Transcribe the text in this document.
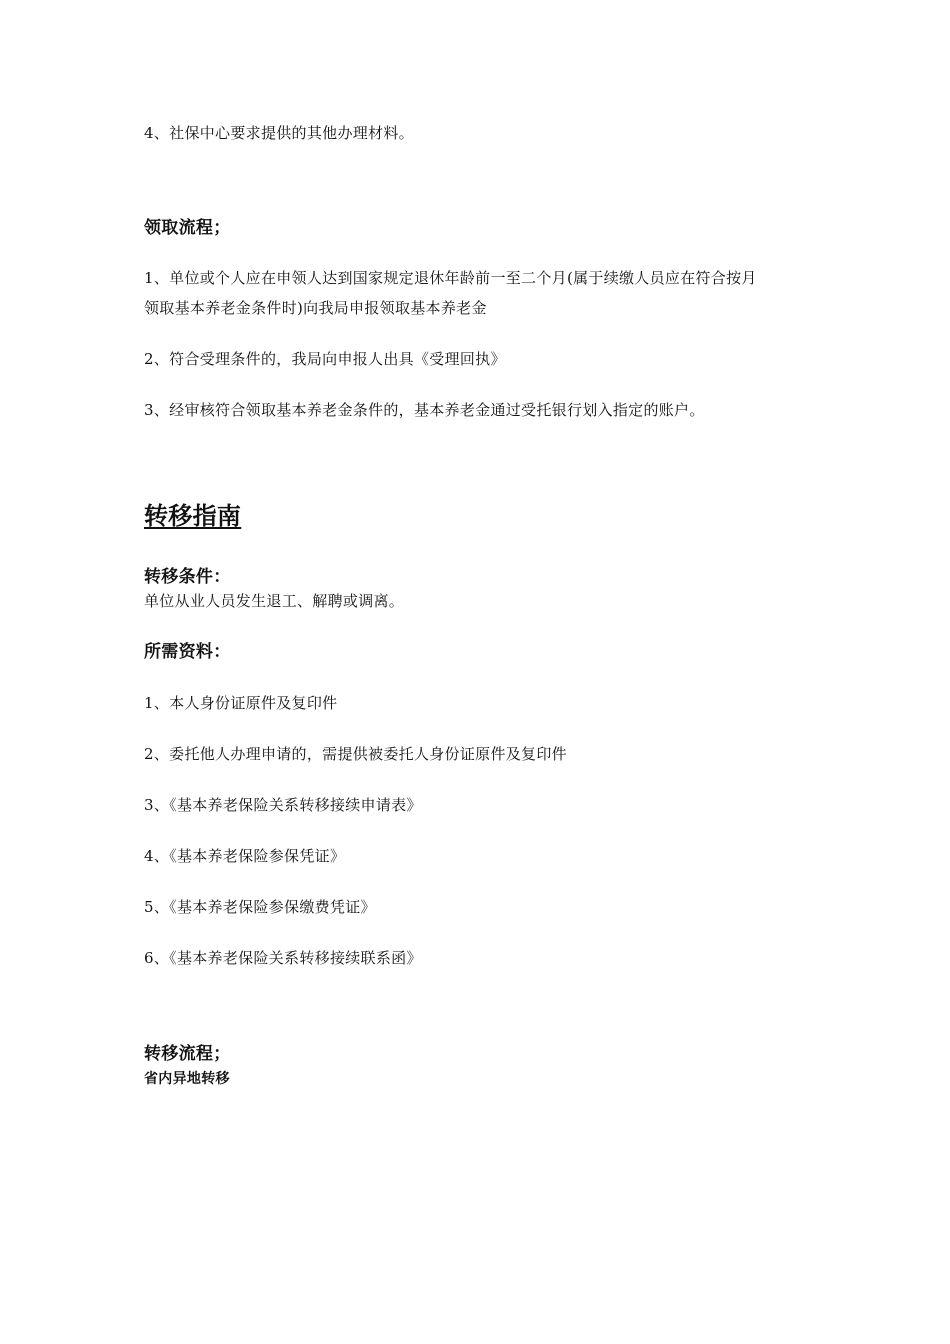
4、社保中心要求提供的其他办理材料。
领取流程；
1、单位或个人应在申领人达到国家规定退休年龄前一至二个月(属于续缴人员应在符合按月
领取基本养老金条件时)向我局申报领取基本养老金
2、符合受理条件的，我局向申报人出具《受理回执》
3、经审核符合领取基本养老金条件的，基本养老金通过受托银行划入指定的账户。
转移指南
转移条件：
单位从业人员发生退工、解聘或调离。
所需资料：
1、本人身份证原件及复印件
2、委托他人办理申请的，需提供被委托人身份证原件及复印件
3、《基本养老保险关系转移接续申请表》
4、《基本养老保险参保凭证》
5、《基本养老保险参保缴费凭证》
6、《基本养老保险关系转移接续联系函》
转移流程；
省内异地转移
